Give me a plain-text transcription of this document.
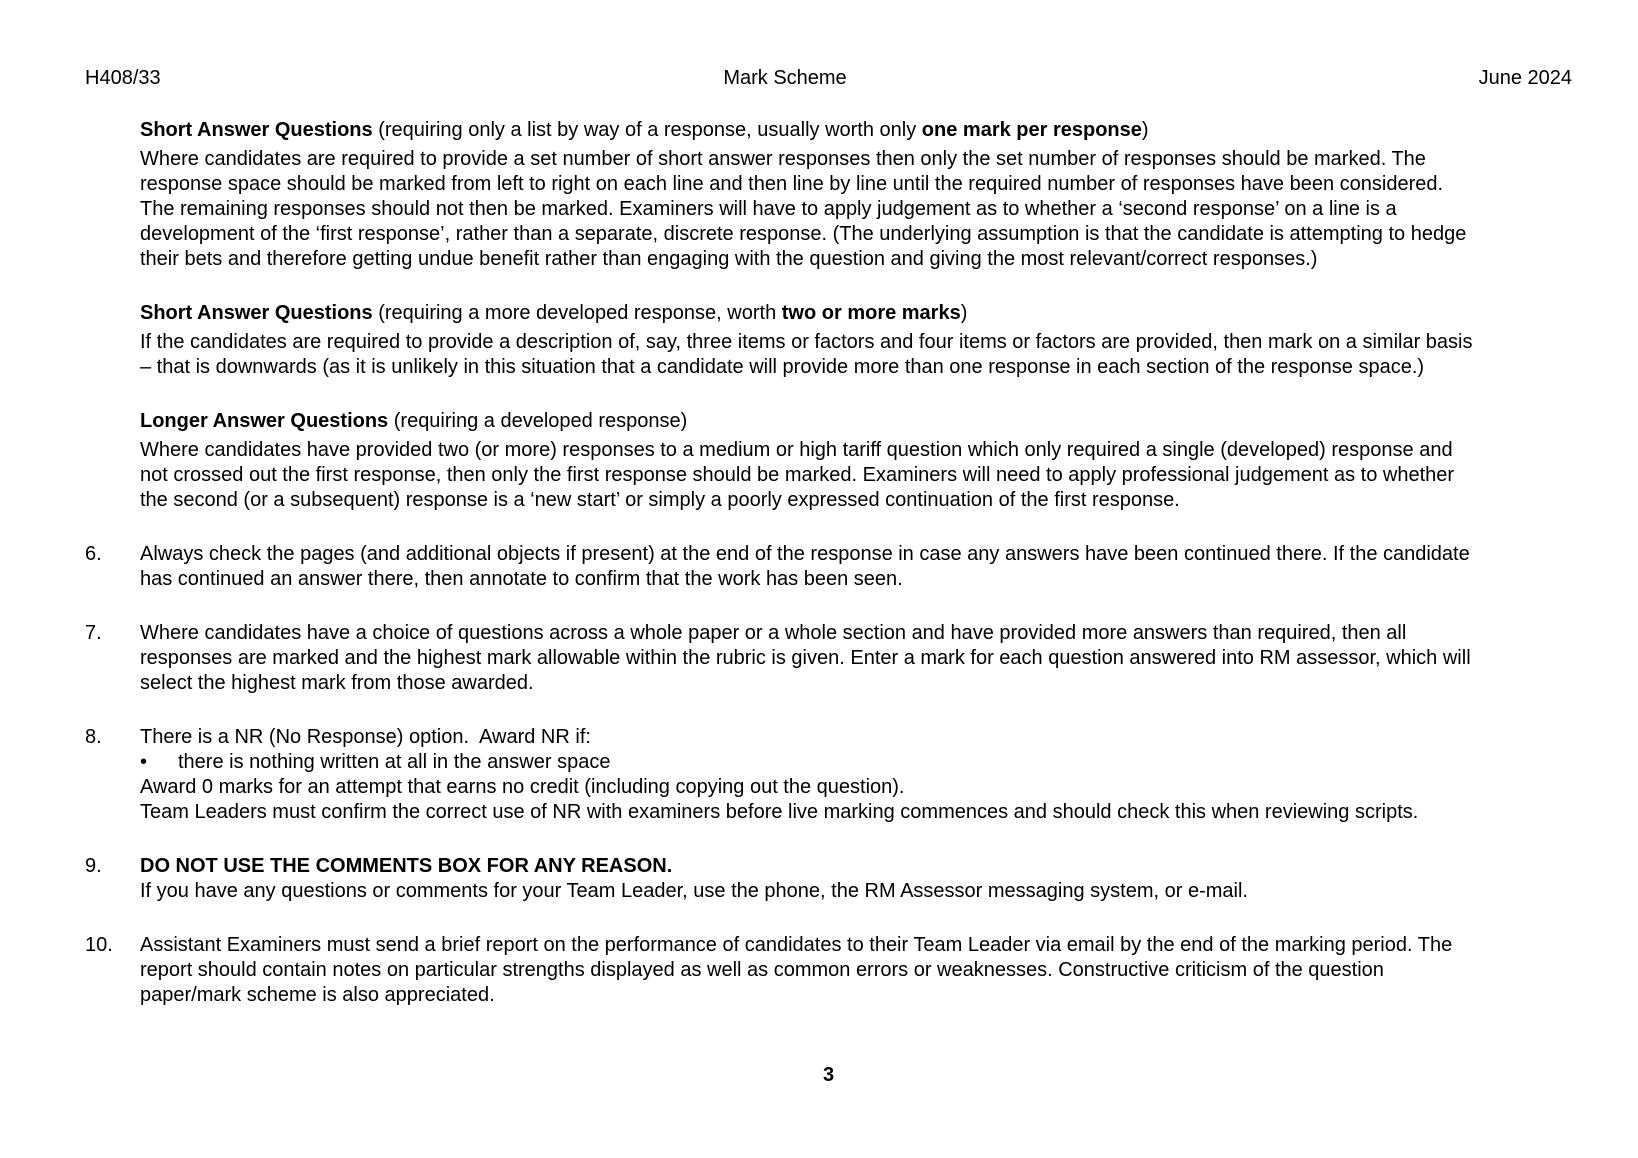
H408/33	Mark Scheme	June 2024
Short Answer Questions (requiring only a list by way of a response, usually worth only one mark per response)
Where candidates are required to provide a set number of short answer responses then only the set number of responses should be marked. The
response space should be marked from left to right on each line and then line by line until the required number of responses have been considered.
The remaining responses should not then be marked. Examiners will have to apply judgement as to whether a ‘second response’ on a line is a
development of the ‘first response’, rather than a separate, discrete response. (The underlying assumption is that the candidate is attempting to hedge
their bets and therefore getting undue benefit rather than engaging with the question and giving the most relevant/correct responses.)
Short Answer Questions (requiring a more developed response, worth two or more marks)
If the candidates are required to provide a description of, say, three items or factors and four items or factors are provided, then mark on a similar basis
– that is downwards (as it is unlikely in this situation that a candidate will provide more than one response in each section of the response space.)
Longer Answer Questions (requiring a developed response)
Where candidates have provided two (or more) responses to a medium or high tariff question which only required a single (developed) response and
not crossed out the first response, then only the first response should be marked. Examiners will need to apply professional judgement as to whether
the second (or a subsequent) response is a ‘new start’ or simply a poorly expressed continuation of the first response.
6.	Always check the pages (and additional objects if present) at the end of the response in case any answers have been continued there. If the candidate
has continued an answer there, then annotate to confirm that the work has been seen.
7.	Where candidates have a choice of questions across a whole paper or a whole section and have provided more answers than required, then all
responses are marked and the highest mark allowable within the rubric is given. Enter a mark for each question answered into RM assessor, which will
select the highest mark from those awarded.
8.	There is a NR (No Response) option.  Award NR if:
• there is nothing written at all in the answer space
Award 0 marks for an attempt that earns no credit (including copying out the question).
Team Leaders must confirm the correct use of NR with examiners before live marking commences and should check this when reviewing scripts.
9.	DO NOT USE THE COMMENTS BOX FOR ANY REASON.
If you have any questions or comments for your Team Leader, use the phone, the RM Assessor messaging system, or e-mail.
10.	Assistant Examiners must send a brief report on the performance of candidates to their Team Leader via email by the end of the marking period. The
report should contain notes on particular strengths displayed as well as common errors or weaknesses. Constructive criticism of the question
paper/mark scheme is also appreciated.
3
